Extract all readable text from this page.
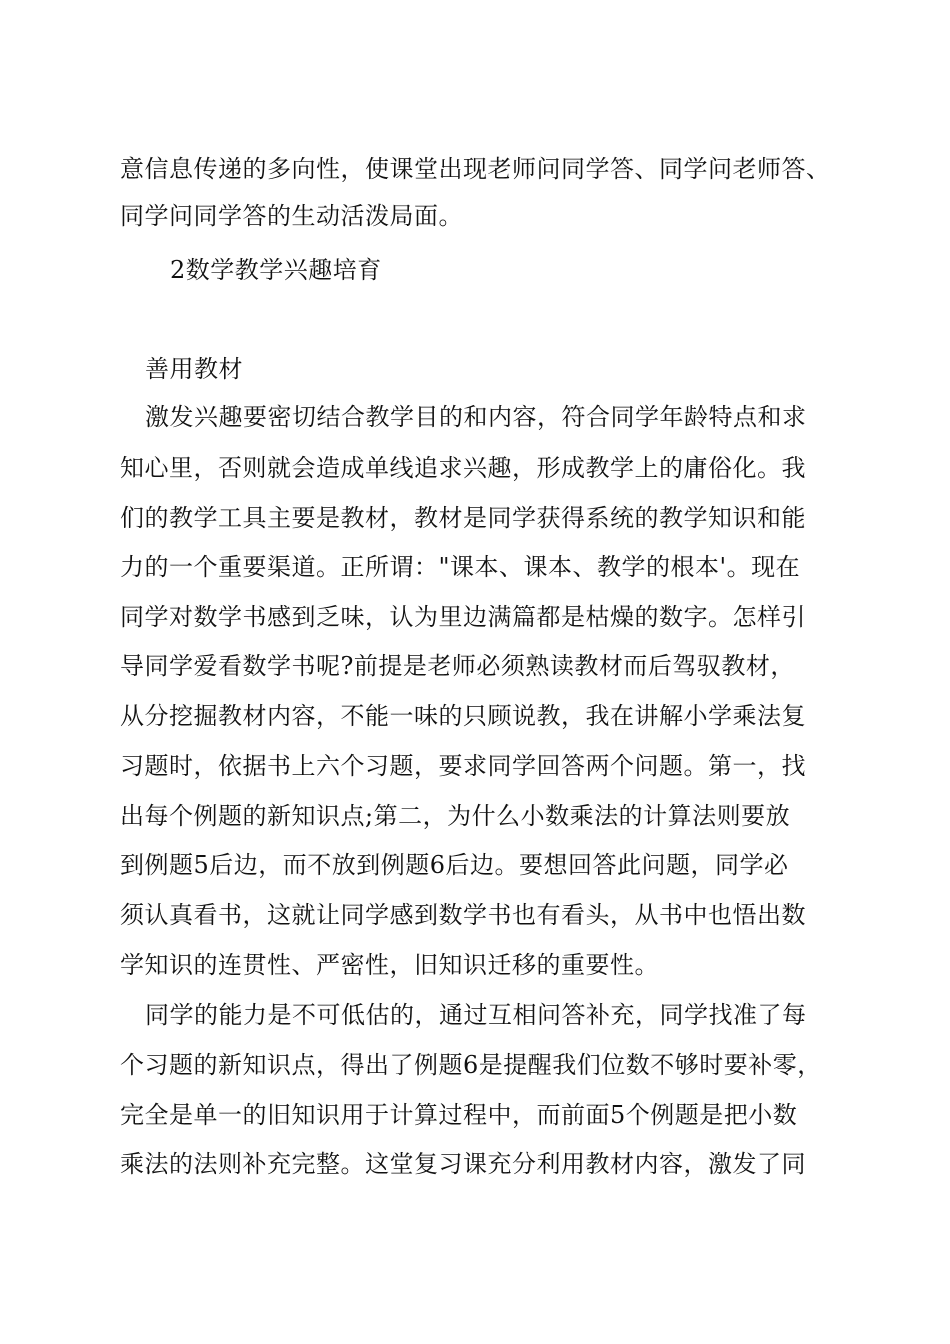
意信息传递的多向性，使课堂出现老师问同学答、同学问老师答、
同学问同学答的生动活泼局面。
2数学教学兴趣培育
善用教材
激发兴趣要密切结合教学目的和内容，符合同学年龄特点和求
知心里，否则就会造成单线追求兴趣，形成教学上的庸俗化。我
们的教学工具主要是教材，教材是同学获得系统的教学知识和能
力的一个重要渠道。正所谓："课本、课本、教学的根本'。现在
同学对数学书感到乏味，认为里边满篇都是枯燥的数字。怎样引
导同学爱看数学书呢?前提是老师必须熟读教材而后驾驭教材，
从分挖掘教材内容，不能一味的只顾说教，我在讲解小学乘法复
习题时，依据书上六个习题，要求同学回答两个问题。第一，找
出每个例题的新知识点;第二，为什么小数乘法的计算法则要放
到例题5后边，而不放到例题6后边。要想回答此问题，同学必
须认真看书，这就让同学感到数学书也有看头，从书中也悟出数
学知识的连贯性、严密性，旧知识迁移的重要性。
同学的能力是不可低估的，通过互相问答补充，同学找准了每
个习题的新知识点，得出了例题6是提醒我们位数不够时要补零，
完全是单一的旧知识用于计算过程中，而前面5个例题是把小数
乘法的法则补充完整。这堂复习课充分利用教材内容，激发了同
